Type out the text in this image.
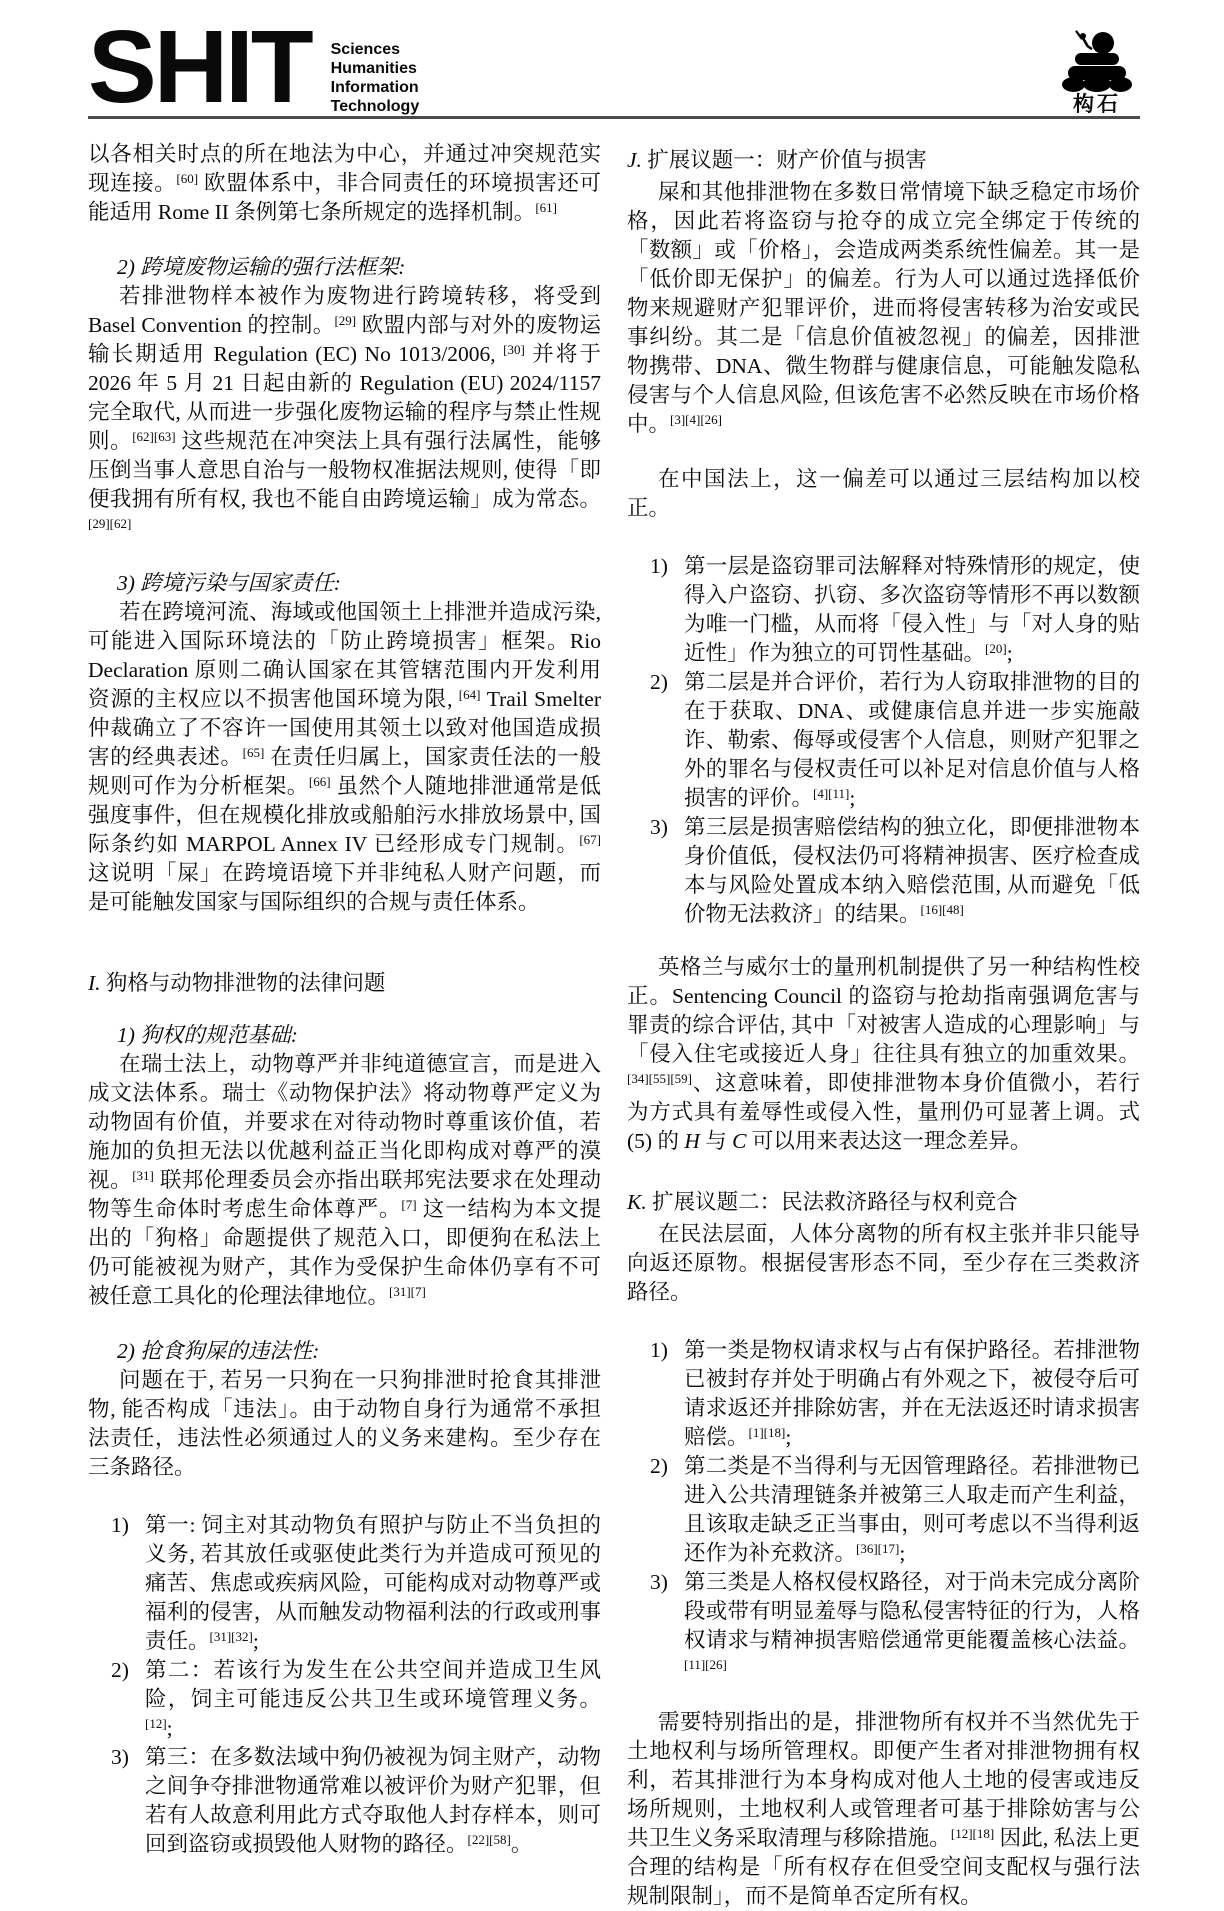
SHIT Sciences
Humanities
Information
Technology	构石

以各相关时点的所在地法为中心，并通过冲突规范实现连接。[60] 欧盟体系中，非合同责任的环境损害还可能适用 Rome II 条例第七条所规定的选择机制。[61]

2) 跨境废物运输的强行法框架:

若排泄物样本被作为废物进行跨境转移，将受到 Basel Convention 的控制。[29] 欧盟内部与对外的废物运输长期适用 Regulation (EC) No 1013/2006, [30] 并将于 2026 年 5 月 21 日起由新的 Regulation (EU) 2024/1157 完全取代, 从而进一步强化废物运输的程序与禁止性规则。[62][63] 这些规范在冲突法上具有强行法属性，能够压倒当事人意思自治与一般物权准据法规则, 使得「即便我拥有所有权, 我也不能自由跨境运输」成为常态。[29][62]

3) 跨境污染与国家责任:

若在跨境河流、海域或他国领土上排泄并造成污染, 可能进入国际环境法的「防止跨境损害」框架。Rio Declaration 原则二确认国家在其管辖范围内开发利用资源的主权应以不损害他国环境为限, [64] Trail Smelter 仲裁确立了不容许一国使用其领土以致对他国造成损害的经典表述。[65] 在责任归属上，国家责任法的一般规则可作为分析框架。[66] 虽然个人随地排泄通常是低强度事件，但在规模化排放或船舶污水排放场景中, 国际条约如 MARPOL Annex IV 已经形成专门规制。[67] 这说明「屎」在跨境语境下并非纯私人财产问题，而是可能触发国家与国际组织的合规与责任体系。

I. 狗格与动物排泄物的法律问题

1) 狗权的规范基础:

在瑞士法上，动物尊严并非纯道德宣言，而是进入成文法体系。瑞士《动物保护法》将动物尊严定义为动物固有价值，并要求在对待动物时尊重该价值，若施加的负担无法以优越利益正当化即构成对尊严的漠视。[31] 联邦伦理委员会亦指出联邦宪法要求在处理动物等生命体时考虑生命体尊严。[7] 这一结构为本文提出的「狗格」命题提供了规范入口，即便狗在私法上仍可能被视为财产，其作为受保护生命体仍享有不可被任意工具化的伦理法律地位。[31][7]

2) 抢食狗屎的违法性:

问题在于, 若另一只狗在一只狗排泄时抢食其排泄物, 能否构成「违法」。由于动物自身行为通常不承担法责任，违法性必须通过人的义务来建构。至少存在三条路径。

1) 第一: 饲主对其动物负有照护与防止不当负担的义务, 若其放任或驱使此类行为并造成可预见的痛苦、焦虑或疾病风险，可能构成对动物尊严或福利的侵害，从而触发动物福利法的行政或刑事责任。[31][32];
2) 第二：若该行为发生在公共空间并造成卫生风险，饲主可能违反公共卫生或环境管理义务。[12];
3) 第三：在多数法域中狗仍被视为饲主财产，动物之间争夺排泄物通常难以被评价为财产犯罪，但若有人故意利用此方式夺取他人封存样本，则可回到盗窃或损毁他人财物的路径。[22][58]。
J. 扩展议题一：财产价值与损害

屎和其他排泄物在多数日常情境下缺乏稳定市场价格，因此若将盗窃与抢夺的成立完全绑定于传统的「数额」或「价格」，会造成两类系统性偏差。其一是「低价即无保护」的偏差。行为人可以通过选择低价物来规避财产犯罪评价，进而将侵害转移为治安或民事纠纷。其二是「信息价值被忽视」的偏差，因排泄物携带、DNA、微生物群与健康信息，可能触发隐私侵害与个人信息风险, 但该危害不必然反映在市场价格中。[3][4][26]

在中国法上，这一偏差可以通过三层结构加以校正。

1) 第一层是盗窃罪司法解释对特殊情形的规定，使得入户盗窃、扒窃、多次盗窃等情形不再以数额为唯一门槛，从而将「侵入性」与「对人身的贴近性」作为独立的可罚性基础。[20];
2) 第二层是并合评价，若行为人窃取排泄物的目的在于获取、DNA、或健康信息并进一步实施敲诈、勒索、侮辱或侵害个人信息，则财产犯罪之外的罪名与侵权责任可以补足对信息价值与人格损害的评价。[4][11];
3) 第三层是损害赔偿结构的独立化，即便排泄物本身价值低，侵权法仍可将精神损害、医疗检查成本与风险处置成本纳入赔偿范围, 从而避免「低价物无法救济」的结果。[16][48]

英格兰与威尔士的量刑机制提供了另一种结构性校正。Sentencing Council 的盗窃与抢劫指南强调危害与罪责的综合评估, 其中「对被害人造成的心理影响」与「侵入住宅或接近人身」往往具有独立的加重效果。[34][55][59]、这意味着，即使排泄物本身价值微小，若行为方式具有羞辱性或侵入性，量刑仍可显著上调。式 (5) 的 H 与 C 可以用来表达这一理念差异。

K. 扩展议题二：民法救济路径与权利竞合

在民法层面，人体分离物的所有权主张并非只能导向返还原物。根据侵害形态不同，至少存在三类救济路径。

1) 第一类是物权请求权与占有保护路径。若排泄物已被封存并处于明确占有外观之下，被侵夺后可请求返还并排除妨害，并在无法返还时请求损害赔偿。[1][18];
2) 第二类是不当得利与无因管理路径。若排泄物已进入公共清理链条并被第三人取走而产生利益，且该取走缺乏正当事由，则可考虑以不当得利返还作为补充救济。[36][17];
3) 第三类是人格权侵权路径，对于尚未完成分离阶段或带有明显羞辱与隐私侵害特征的行为，人格权请求与精神损害赔偿通常更能覆盖核心法益。[11][26]

需要特别指出的是，排泄物所有权并不当然优先于土地权利与场所管理权。即便产生者对排泄物拥有权利，若其排泄行为本身构成对他人土地的侵害或违反场所规则，土地权利人或管理者可基于排除妨害与公共卫生义务采取清理与移除措施。[12][18] 因此, 私法上更合理的结构是「所有权存在但受空间支配权与强行法规制限制」，而不是简单否定所有权。
